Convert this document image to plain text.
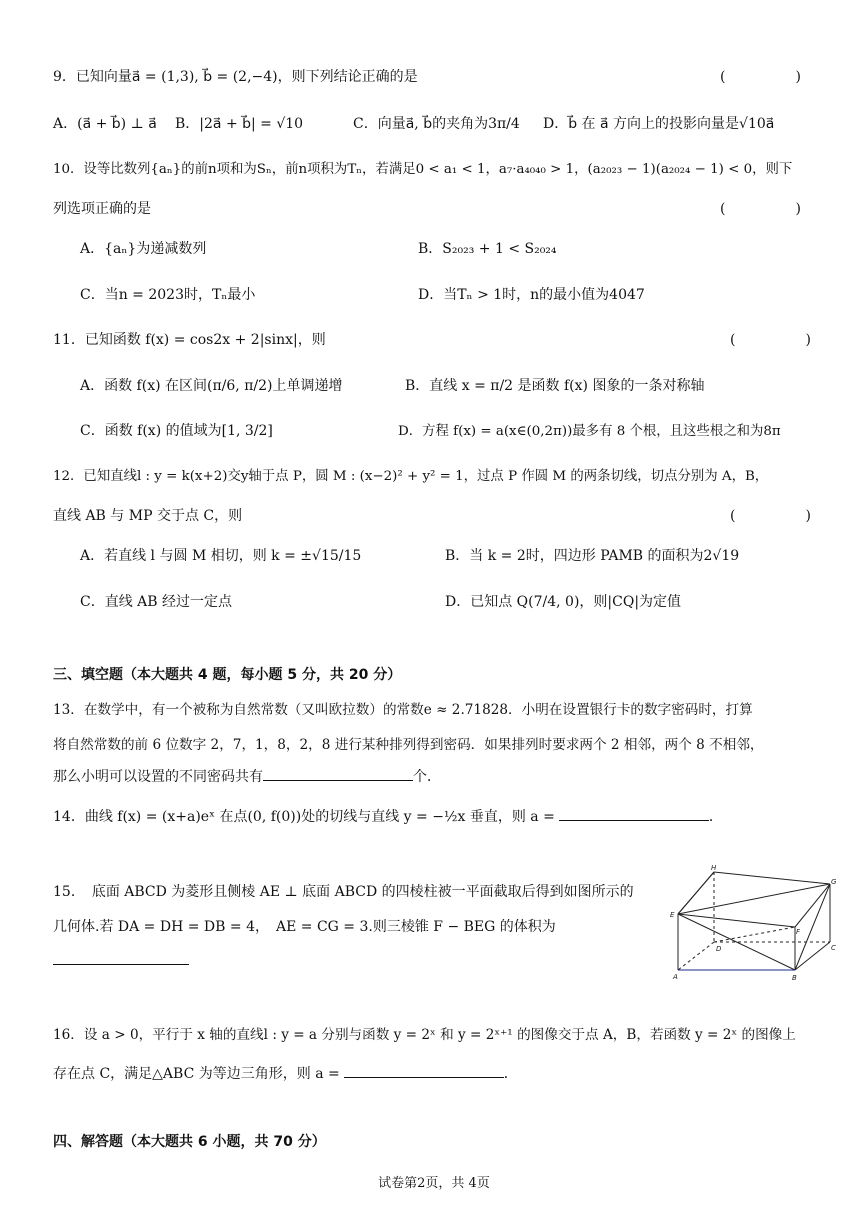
9．已知向量a⃗ = (1,3), b⃗ = (2,−4)，则下列结论正确的是	(　　　　　)
A．(a⃗ + b⃗) ⊥ a⃗ B．|2a⃗ + b⃗| = √10	C．向量a⃗, b⃗的夹角为3π/4 D．b⃗ 在 a⃗ 方向上的投影向量是√10a⃗
10．设等比数列{aₙ}的前n项和为Sₙ，前n项积为Tₙ，若满足0 < a₁ < 1，a₇·a₄₀₄₀ > 1，(a₂₀₂₃ − 1)(a₂₀₂₄ − 1) < 0，则下
列选项正确的是	(　　　　　)
A．{aₙ}为递减数列	B．S₂₀₂₃ + 1 < S₂₀₂₄
C．当n = 2023时，Tₙ最小	D．当Tₙ > 1时，n的最小值为4047
11．已知函数 f(x) = cos2x + 2|sinx|，则	(　　　　　)
A．函数 f(x) 在区间(π/6, π/2)上单调递增	B．直线 x = π/2 是函数 f(x) 图象的一条对称轴
C．函数 f(x) 的值域为[1, 3/2]	D．方程 f(x) = a(x∈(0,2π))最多有 8 个根，且这些根之和为8π
12．已知直线l : y = k(x+2)交y轴于点 P，圆 M : (x−2)² + y² = 1，过点 P 作圆 M 的两条切线，切点分别为 A，B，
直线 AB 与 MP 交于点 C，则	(　　　　　)
A．若直线 l 与圆 M 相切，则 k = ±√15/15	B．当 k = 2时，四边形 PAMB 的面积为2√19
C．直线 AB 经过一定点	D．已知点 Q(7/4, 0)，则|CQ|为定值
三、填空题（本大题共 4 题，每小题 5 分，共 20 分）
13．在数学中，有一个被称为自然常数（又叫欧拉数）的常数e ≈ 2.71828．小明在设置银行卡的数字密码时，打算
将自然常数的前 6 位数字 2，7，1，8，2，8 进行某种排列得到密码．如果排列时要求两个 2 相邻，两个 8 不相邻，
那么小明可以设置的不同密码共有	个．
14．曲线 f(x) = (x+a)eˣ 在点(0, f(0))处的切线与直线 y = −½x 垂直，则 a =	．
15．　底面 ABCD 为菱形且侧棱 AE ⊥ 底面 ABCD 的四棱柱被一平面截取后得到如图所示的
几何体.若 DA = DH = DB = 4，　AE = CG = 3.则三棱锥 F − BEG 的体积为
H
G
E
F
D	C
A	B
16．设 a > 0，平行于 x 轴的直线l : y = a 分别与函数 y = 2ˣ 和 y = 2ˣ⁺¹ 的图像交于点 A，B，若函数 y = 2ˣ 的图像上
存在点 C，满足△ABC 为等边三角形，则 a =	．
四、解答题（本大题共 6 小题，共 70 分）
试卷第2页，共 4页
